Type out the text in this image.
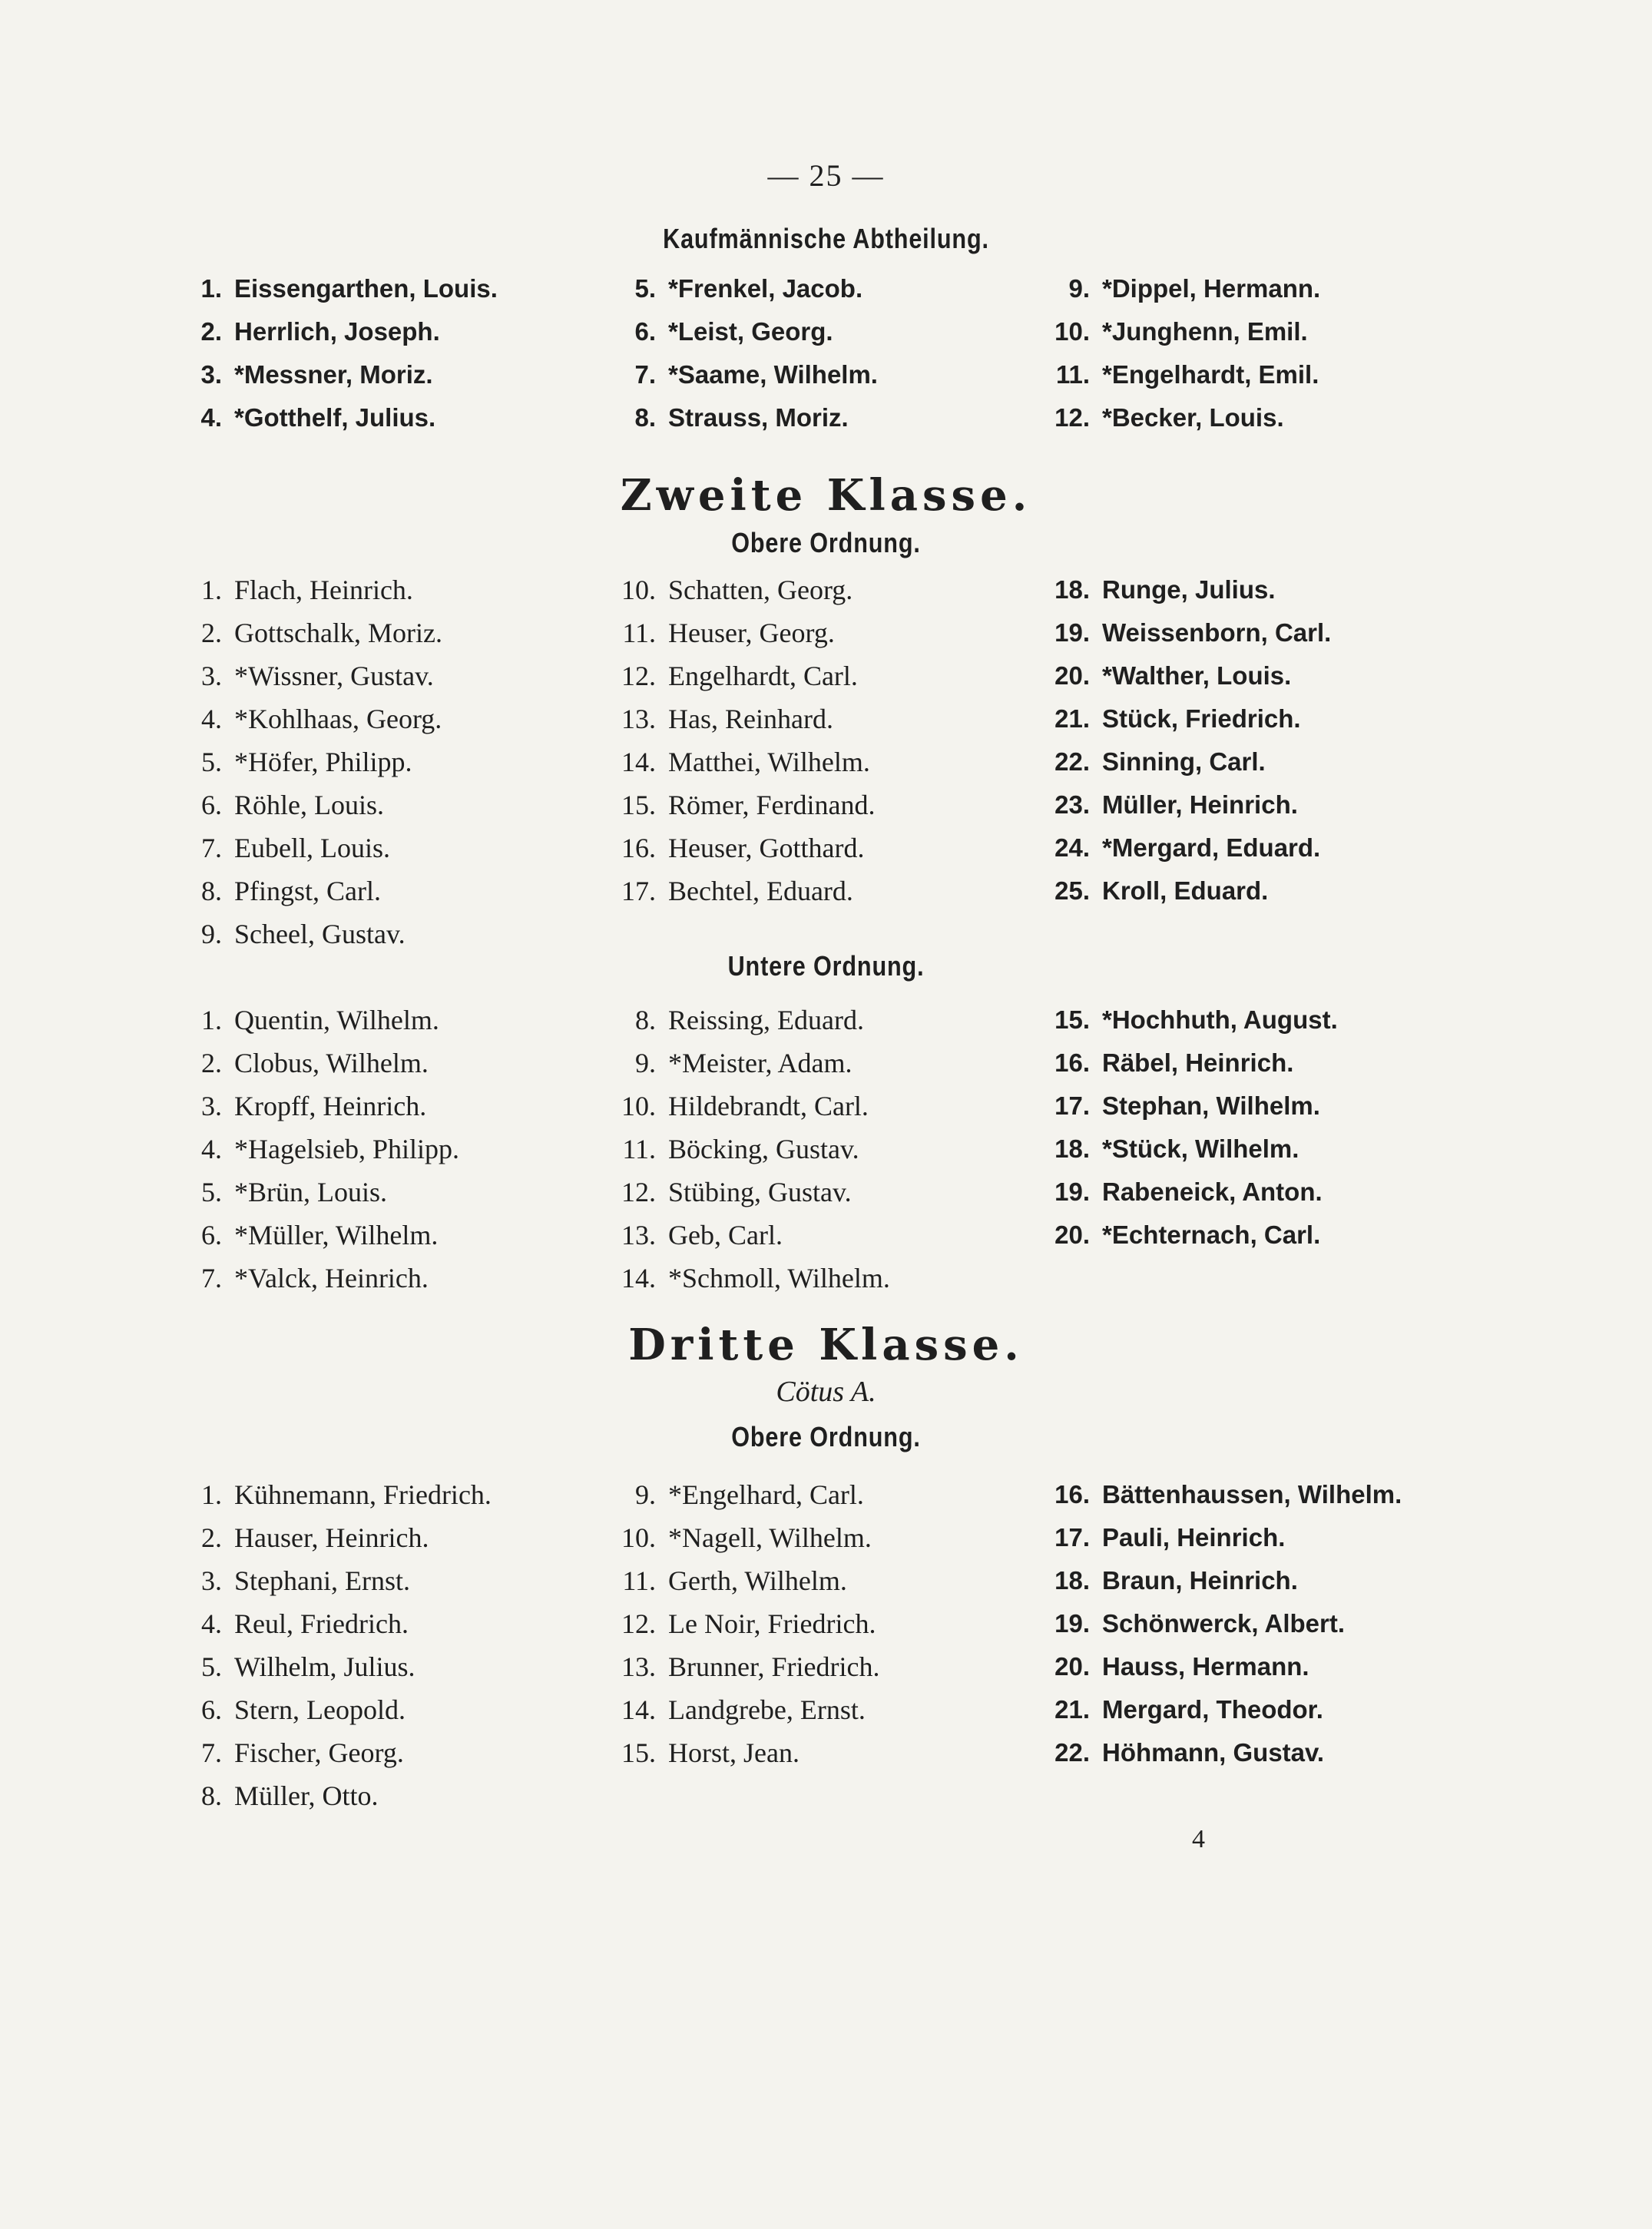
— 25 —
Kaufmännische Abtheilung.
1. Eissengarthen, Louis.
2. Herrlich, Joseph.
3. *Messner, Moriz.
4. *Gotthelf, Julius.
5. *Frenkel, Jacob.
6. *Leist, Georg.
7. *Saame, Wilhelm.
8. Strauss, Moriz.
9. *Dippel, Hermann.
10. *Junghenn, Emil.
11. *Engelhardt, Emil.
12. *Becker, Louis.
Zweite Klasse.
Obere Ordnung.
1. Flach, Heinrich.
2. Gottschalk, Moriz.
3. *Wissner, Gustav.
4. *Kohlhaas, Georg.
5. *Höfer, Philipp.
6. Röhle, Louis.
7. Eubell, Louis.
8. Pfingst, Carl.
9. Scheel, Gustav.
10. Schatten, Georg.
11. Heuser, Georg.
12. Engelhardt, Carl.
13. Has, Reinhard.
14. Matthei, Wilhelm.
15. Römer, Ferdinand.
16. Heuser, Gotthard.
17. Bechtel, Eduard.
18. Runge, Julius.
19. Weissenborn, Carl.
20. *Walther, Louis.
21. Stück, Friedrich.
22. Sinning, Carl.
23. Müller, Heinrich.
24. *Mergard, Eduard.
25. Kroll, Eduard.
Untere Ordnung.
1. Quentin, Wilhelm.
2. Clobus, Wilhelm.
3. Kropff, Heinrich.
4. *Hagelsieb, Philipp.
5. *Brün, Louis.
6. *Müller, Wilhelm.
7. *Valck, Heinrich.
8. Reissing, Eduard.
9. *Meister, Adam.
10. Hildebrandt, Carl.
11. Böcking, Gustav.
12. Stübing, Gustav.
13. Geb, Carl.
14. *Schmoll, Wilhelm.
15. *Hochhuth, August.
16. Räbel, Heinrich.
17. Stephan, Wilhelm.
18. *Stück, Wilhelm.
19. Rabeneick, Anton.
20. *Echternach, Carl.
Dritte Klasse.
Cötus A.
Obere Ordnung.
1. Kühnemann, Friedrich.
2. Hauser, Heinrich.
3. Stephani, Ernst.
4. Reul, Friedrich.
5. Wilhelm, Julius.
6. Stern, Leopold.
7. Fischer, Georg.
8. Müller, Otto.
9. *Engelhard, Carl.
10. *Nagell, Wilhelm.
11. Gerth, Wilhelm.
12. Le Noir, Friedrich.
13. Brunner, Friedrich.
14. Landgrebe, Ernst.
15. Horst, Jean.
16. Bättenhaussen, Wilhelm.
17. Pauli, Heinrich.
18. Braun, Heinrich.
19. Schönwerck, Albert.
20. Hauss, Hermann.
21. Mergard, Theodor.
22. Höhmann, Gustav.
4
